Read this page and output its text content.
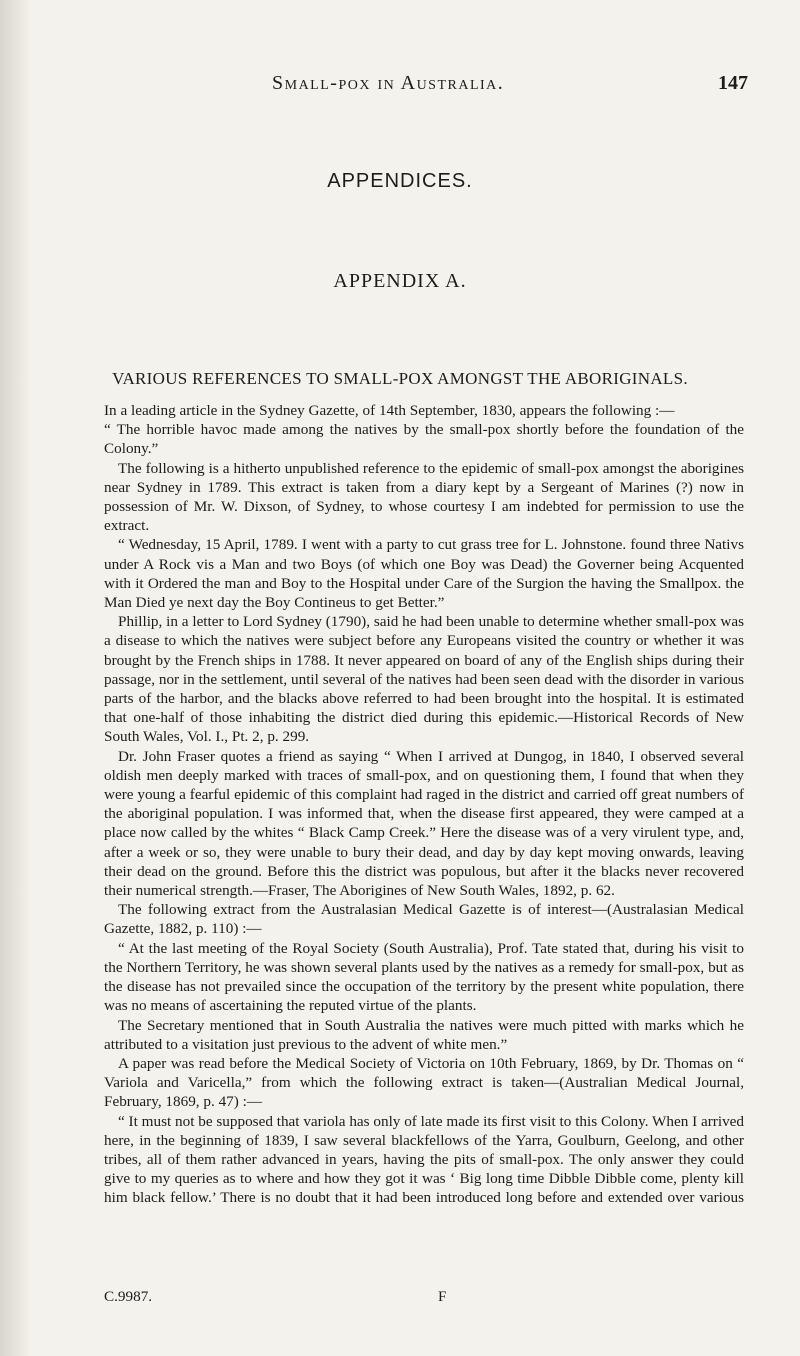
Small-pox in Australia.	147
APPENDICES.
APPENDIX A.
VARIOUS REFERENCES TO SMALL-POX AMONGST THE ABORIGINALS.

In a leading article in the Sydney Gazette, of 14th September, 1830, appears the following :—

“ The horrible havoc made among the natives by the small-pox shortly before the foundation of the Colony.”

The following is a hitherto unpublished reference to the epidemic of small-pox amongst the aborigines near Sydney in 1789. This extract is taken from a diary kept by a Sergeant of Marines (?) now in possession of Mr. W. Dixson, of Sydney, to whose courtesy I am indebted for permission to use the extract.

“ Wednesday, 15 April, 1789. I went with a party to cut grass tree for L. Johnstone. found three Nativs under A Rock vis a Man and two Boys (of which one Boy was Dead) the Governer being Acquented with it Ordered the man and Boy to the Hospital under Care of the Surgion the having the Smallpox. the Man Died ye next day the Boy Contineus to get Better.”

Phillip, in a letter to Lord Sydney (1790), said he had been unable to determine whether small-pox was a disease to which the natives were subject before any Europeans visited the country or whether it was brought by the French ships in 1788. It never appeared on board of any of the English ships during their passage, nor in the settlement, until several of the natives had been seen dead with the disorder in various parts of the harbor, and the blacks above referred to had been brought into the hospital. It is estimated that one-half of those inhabiting the district died during this epidemic.—Historical Records of New South Wales, Vol. I., Pt. 2, p. 299.

Dr. John Fraser quotes a friend as saying “ When I arrived at Dungog, in 1840, I observed several oldish men deeply marked with traces of small-pox, and on questioning them, I found that when they were young a fearful epidemic of this complaint had raged in the district and carried off great numbers of the aboriginal population. I was informed that, when the disease first appeared, they were camped at a place now called by the whites “ Black Camp Creek.” Here the disease was of a very virulent type, and, after a week or so, they were unable to bury their dead, and day by day kept moving onwards, leaving their dead on the ground. Before this the district was populous, but after it the blacks never recovered their numerical strength.—Fraser, The Aborigines of New South Wales, 1892, p. 62.

The following extract from the Australasian Medical Gazette is of interest—(Australasian Medical Gazette, 1882, p. 110) :—

“ At the last meeting of the Royal Society (South Australia), Prof. Tate stated that, during his visit to the Northern Territory, he was shown several plants used by the natives as a remedy for small-pox, but as the disease has not prevailed since the occupation of the territory by the present white population, there was no means of ascertaining the reputed virtue of the plants.

The Secretary mentioned that in South Australia the natives were much pitted with marks which he attributed to a visitation just previous to the advent of white men.”

A paper was read before the Medical Society of Victoria on 10th February, 1869, by Dr. Thomas on “ Variola and Varicella,” from which the following extract is taken—(Australian Medical Journal, February, 1869, p. 47) :—

“ It must not be supposed that variola has only of late made its first visit to this Colony. When I arrived here, in the beginning of 1839, I saw several blackfellows of the Yarra, Goulburn, Geelong, and other tribes, all of them rather advanced in years, having the pits of small-pox. The only answer they could give to my queries as to where and how they got it was ‘ Big long time Dibble Dibble come, plenty kill him black fellow.’ There is no doubt that it had been introduced long before and extended over various

C.9987.	F
